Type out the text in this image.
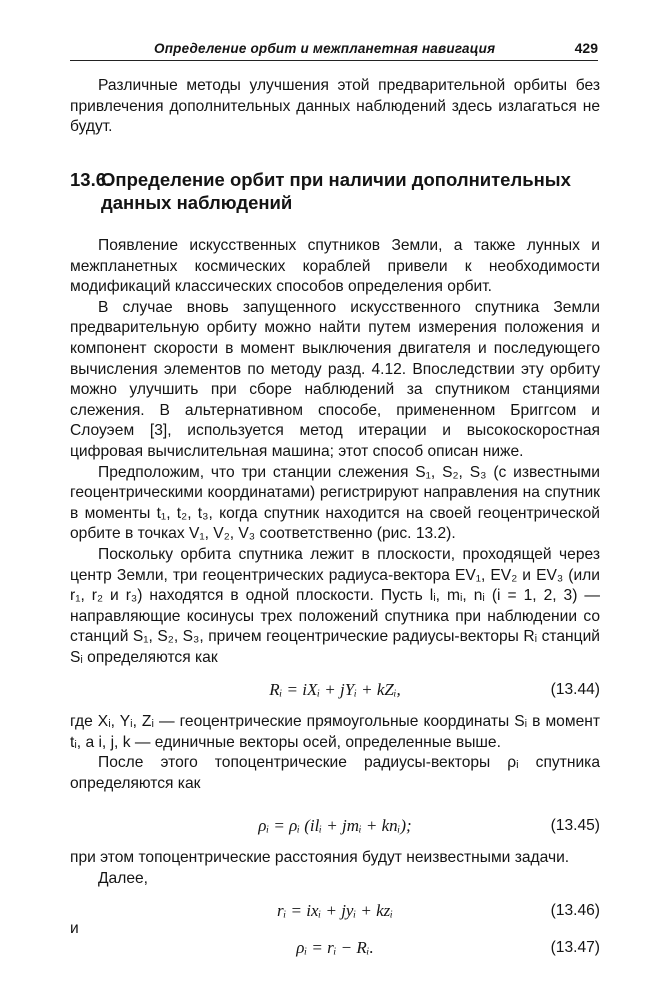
Определение орбит и межпланетная навигация	429

Различные методы улучшения этой предварительной орбиты без привлечения дополнительных данных наблюдений здесь излагаться не будут.

13.6.Определение орбит при наличии дополнительных
данных наблюдений

Появление искусственных спутников Земли, а также лунных и межпланетных космических кораблей привели к необходимости модификаций классических способов определения орбит.

В случае вновь запущенного искусственного спутника Земли предварительную орбиту можно найти путем измерения положения и компонент скорости в момент выключения двигателя и последующего вычисления элементов по методу разд. 4.12. Впоследствии эту орбиту можно улучшить при сборе наблюдений за спутником станциями слежения. В альтернативном способе, примененном Бриггсом и Слоуэем [3], используется метод итерации и высокоскоростная цифровая вычислительная машина; этот способ описан ниже.

Предположим, что три станции слежения S₁, S₂, S₃ (с известными геоцентрическими координатами) регистрируют направления на спутник в моменты t₁, t₂, t₃, когда спутник находится на своей геоцентрической орбите в точках V₁, V₂, V₃ соответственно (рис. 13.2).

Поскольку орбита спутника лежит в плоскости, проходящей через центр Земли, три геоцентрических радиуса-вектора EV₁, EV₂ и EV₃ (или r₁, r₂ и r₃) находятся в одной плоскости. Пусть lᵢ, mᵢ, nᵢ (i = 1, 2, 3) — направляющие косинусы трех положений спутника при наблюдении со станций S₁, S₂, S₃, причем геоцентрические радиусы-векторы Rᵢ станций Sᵢ определяются как

Rᵢ = iXᵢ + jYᵢ + kZᵢ,	(13.44)

где Xᵢ, Yᵢ, Zᵢ — геоцентрические прямоугольные координаты Sᵢ в момент tᵢ, а i, j, k — единичные векторы осей, определенные выше.

После этого топоцентрические радиусы-векторы ρᵢ спутника определяются как

ρᵢ = ρᵢ (ilᵢ + jmᵢ + knᵢ);	(13.45)

при этом топоцентрические расстояния будут неизвестными задачи.

Далее,

rᵢ = ixᵢ + jyᵢ + kzᵢ	(13.46)
и
ρᵢ = rᵢ − Rᵢ.	(13.47)
